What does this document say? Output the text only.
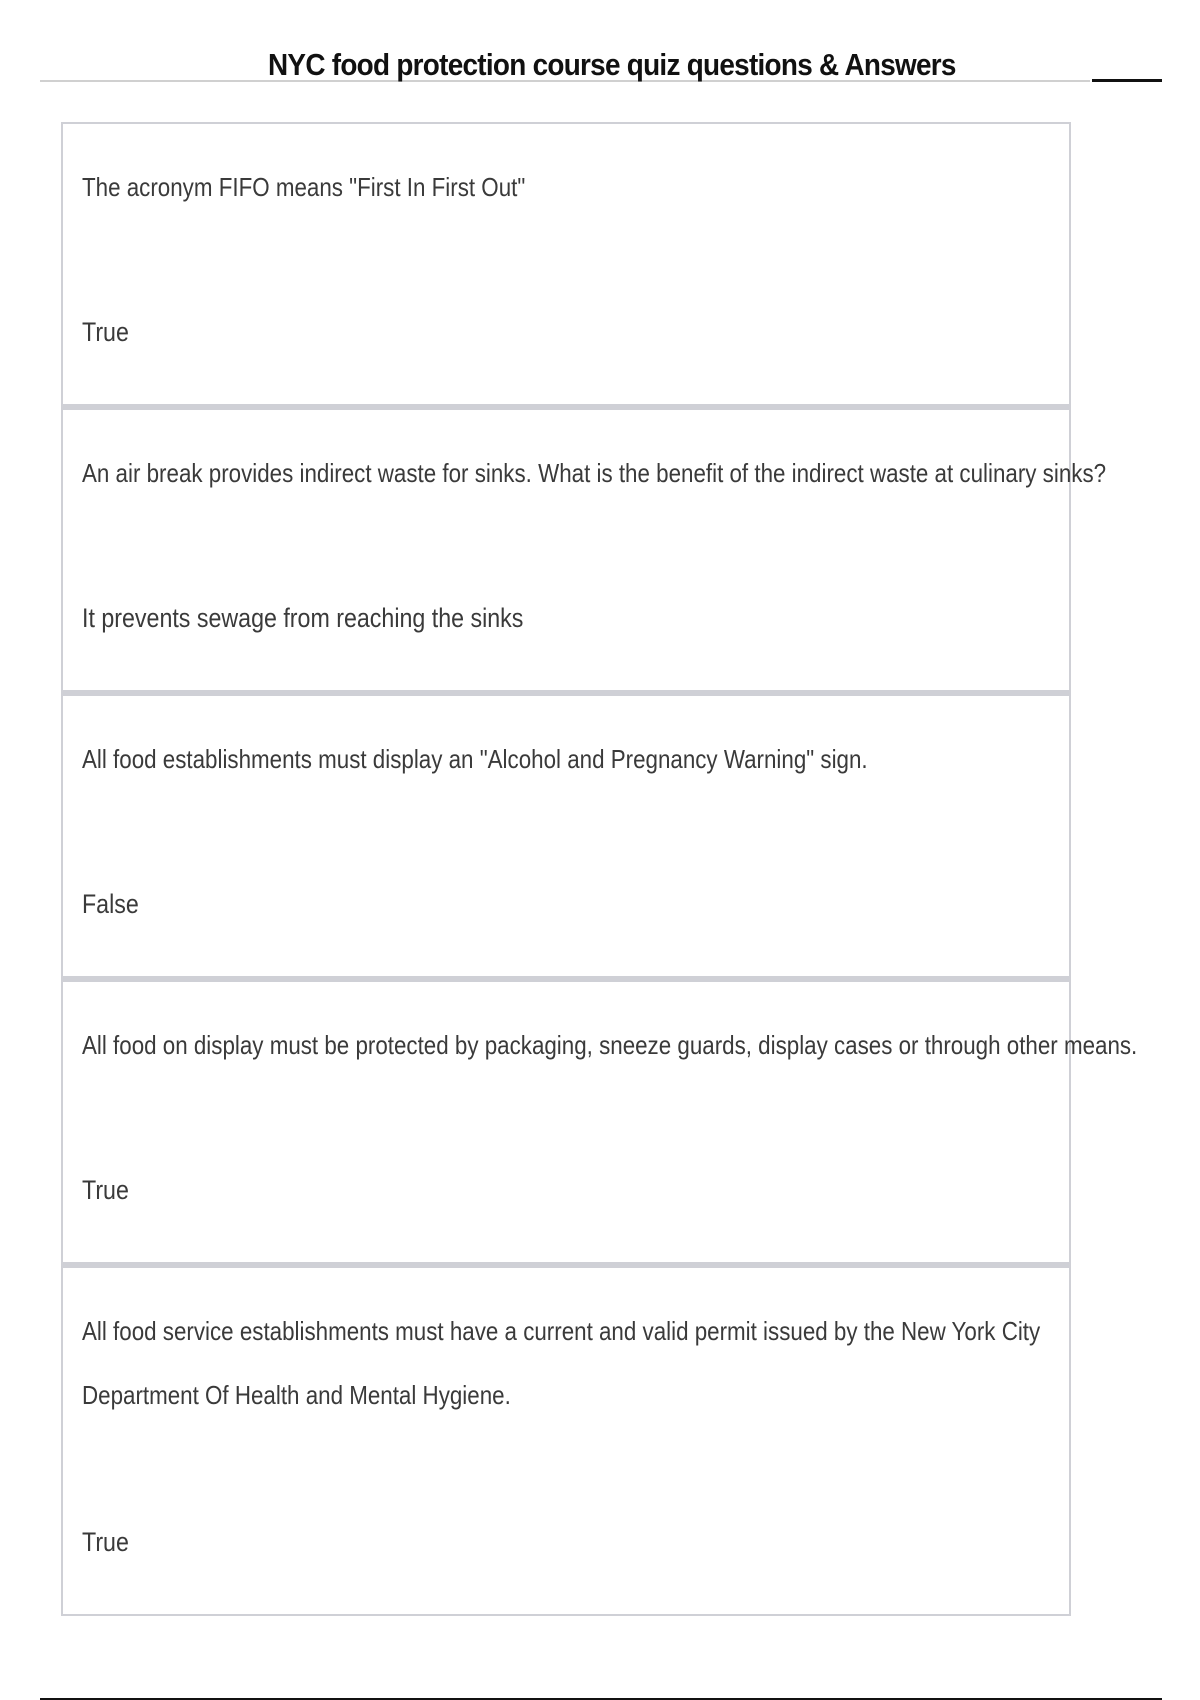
NYC food protection course quiz questions & Answers

The acronym FIFO means "First In First Out"

True

An air break provides indirect waste for sinks. What is the benefit of the indirect waste at culinary sinks?

It prevents sewage from reaching the sinks

All food establishments must display an "Alcohol and Pregnancy Warning" sign.

False

All food on display must be protected by packaging, sneeze guards, display cases or through other means.

True

All food service establishments must have a current and valid permit issued by the New York City Department Of Health and Mental Hygiene.

True
